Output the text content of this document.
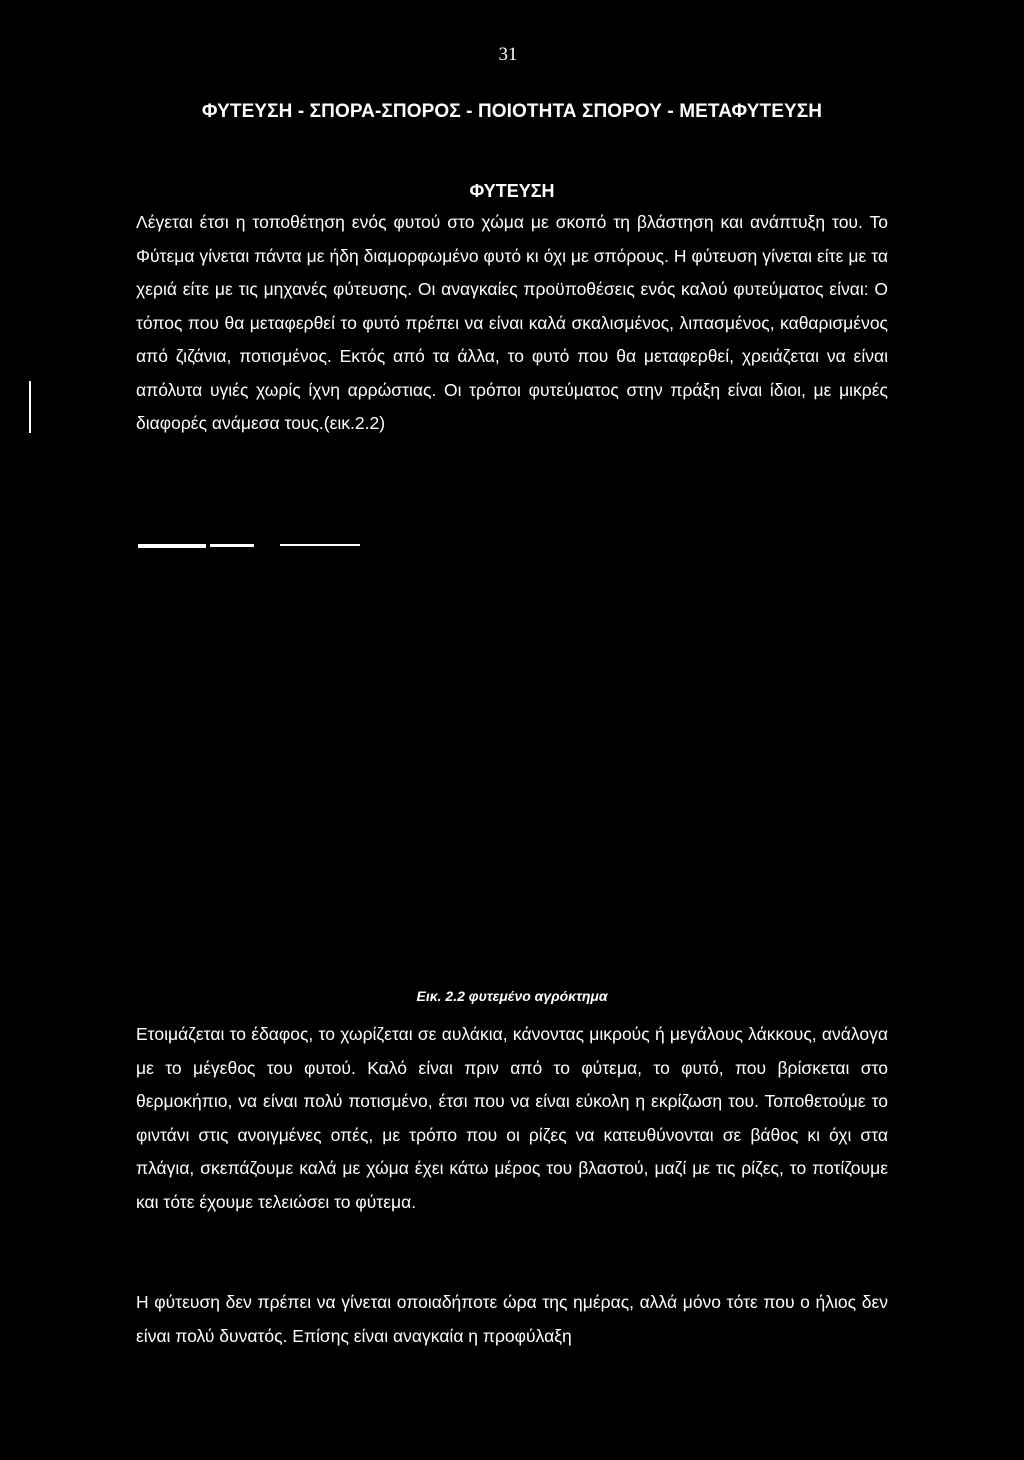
31
ΦΥΤΕΥΣΗ - ΣΠΟΡΑ-ΣΠΟΡΟΣ - ΠΟΙΟΤΗΤΑ ΣΠΟΡΟΥ - ΜΕΤΑΦΥΤΕΥΣΗ
ΦΥΤΕΥΣΗ

Λέγεται έτσι η τοποθέτηση ενός φυτού στο χώμα με σκοπό τη βλάστηση και ανάπτυξη του. Το Φύτεμα γίνεται πάντα με ήδη διαμορφωμένο φυτό κι όχι με σπόρους. Η φύτευση γίνεται είτε με τα χεριά είτε με τις μηχανές φύτευσης. Οι αναγκαίες προϋποθέσεις ενός καλού φυτεύματος είναι: Ο τόπος που θα μεταφερθεί το φυτό πρέπει να είναι καλά σκαλισμένος, λιπασμένος, καθαρισμένος από ζιζάνια, ποτισμένος. Εκτός από τα άλλα, το φυτό που θα μεταφερθεί, χρειάζεται να είναι απόλυτα υγιές χωρίς ίχνη αρρώστιας. Οι τρόποι φυτεύματος στην πράξη είναι ίδιοι, με μικρές διαφορές ανάμεσα τους.(εικ.2.2)

Εικ. 2.2 φυτεμένο αγρόκτημα

Ετοιμάζεται το έδαφος, το χωρίζεται σε αυλάκια, κάνοντας μικρούς ή μεγάλους λάκκους, ανάλογα με το μέγεθος του φυτού. Καλό είναι πριν από το φύτεμα, το φυτό, που βρίσκεται στο θερμοκήπιο, να είναι πολύ ποτισμένο, έτσι που να είναι εύκολη η εκρίζωση του. Τοποθετούμε το φιντάνι στις ανοιγμένες οπές, με τρόπο που οι ρίζες να κατευθύνονται σε βάθος κι όχι στα πλάγια, σκεπάζουμε καλά με χώμα έχει κάτω μέρος του βλαστού, μαζί με τις ρίζες, το ποτίζουμε και τότε έχουμε τελειώσει το φύτεμα.

Η φύτευση δεν πρέπει να γίνεται οποιαδήποτε ώρα της ημέρας, αλλά μόνο τότε που ο ήλιος δεν είναι πολύ δυνατός. Επίσης είναι αναγκαία η προφύλαξη
